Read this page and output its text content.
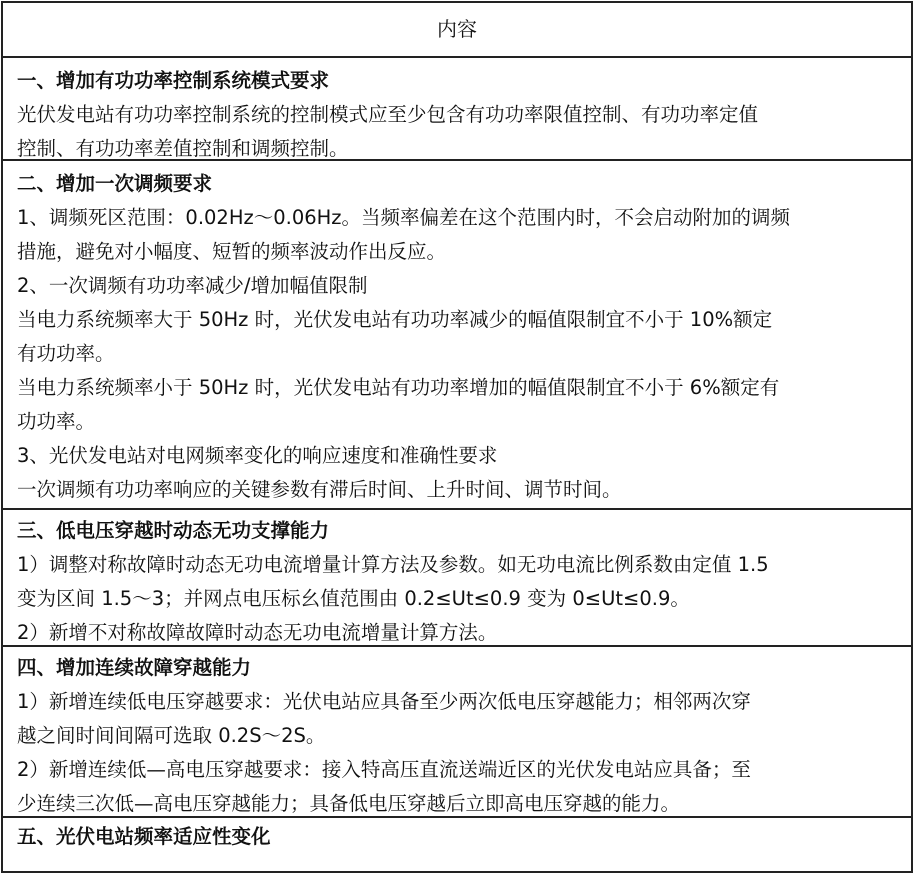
内容
一、增加有功功率控制系统模式要求
光伏发电站有功功率控制系统的控制模式应至少包含有功功率限值控制、有功功率定值
控制、有功功率差值控制和调频控制。
二、增加一次调频要求
1、调频死区范围：0.02Hz～0.06Hz。当频率偏差在这个范围内时，不会启动附加的调频
措施，避免对小幅度、短暂的频率波动作出反应。
2、一次调频有功功率减少/增加幅值限制
当电力系统频率大于 50Hz 时，光伏发电站有功功率减少的幅值限制宜不小于 10%额定
有功功率。
当电力系统频率小于 50Hz 时，光伏发电站有功功率增加的幅值限制宜不小于 6%额定有
功功率。
3、光伏发电站对电网频率变化的响应速度和准确性要求
一次调频有功功率响应的关键参数有滞后时间、上升时间、调节时间。
三、低电压穿越时动态无功支撑能力
1）调整对称故障时动态无功电流增量计算方法及参数。如无功电流比例系数由定值 1.5
变为区间 1.5～3；并网点电压标幺值范围由 0.2≤Ut≤0.9 变为 0≤Ut≤0.9。
2）新增不对称故障故障时动态无功电流增量计算方法。
四、增加连续故障穿越能力
1）新增连续低电压穿越要求：光伏电站应具备至少两次低电压穿越能力；相邻两次穿
越之间时间间隔可选取 0.2S～2S。
2）新增连续低—高电压穿越要求：接入特高压直流送端近区的光伏发电站应具备；至
少连续三次低—高电压穿越能力；具备低电压穿越后立即高电压穿越的能力。
五、光伏电站频率适应性变化
